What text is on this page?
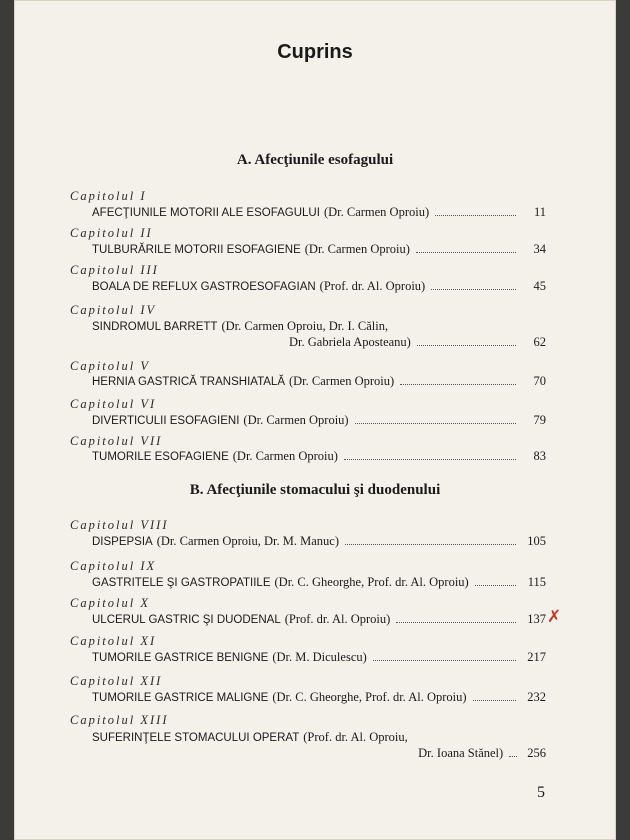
Cuprins
A. Afecţiunile esofagului
B. Afecţiunile stomacului şi duodenului
Capitolul I
AFECŢIUNILE MOTORII ALE ESOFAGULUI (Dr. Carmen Oproiu)	11
Capitolul II
TULBURĂRILE MOTORII ESOFAGIENE (Dr. Carmen Oproiu)	34
Capitolul III
BOALA DE REFLUX GASTROESOFAGIAN (Prof. dr. Al. Oproiu)	45
Capitolul IV
SINDROMUL BARRETT (Dr. Carmen Oproiu, Dr. I. Călin,
Dr. Gabriela Aposteanu)	62
Capitolul V
HERNIA GASTRICĂ TRANSHIATALĂ (Dr. Carmen Oproiu)	70
Capitolul VI
DIVERTICULII ESOFAGIENI (Dr. Carmen Oproiu)	79
Capitolul VII
TUMORILE ESOFAGIENE (Dr. Carmen Oproiu)	83
Capitolul VIII
DISPEPSIA (Dr. Carmen Oproiu, Dr. M. Manuc)	105
Capitolul IX
GASTRITELE ŞI GASTROPATIILE (Dr. C. Gheorghe, Prof. dr. Al. Oproiu)	115
Capitolul X
ULCERUL GASTRIC ŞI DUODENAL (Prof. dr. Al. Oproiu)	137 ✗
Capitolul XI
TUMORILE GASTRICE BENIGNE (Dr. M. Diculescu)	217
Capitolul XII
TUMORILE GASTRICE MALIGNE (Dr. C. Gheorghe, Prof. dr. Al. Oproiu)	232
Capitolul XIII
SUFERINŢELE STOMACULUI OPERAT (Prof. dr. Al. Oproiu,
Dr. Ioana Stănel)	256
5
